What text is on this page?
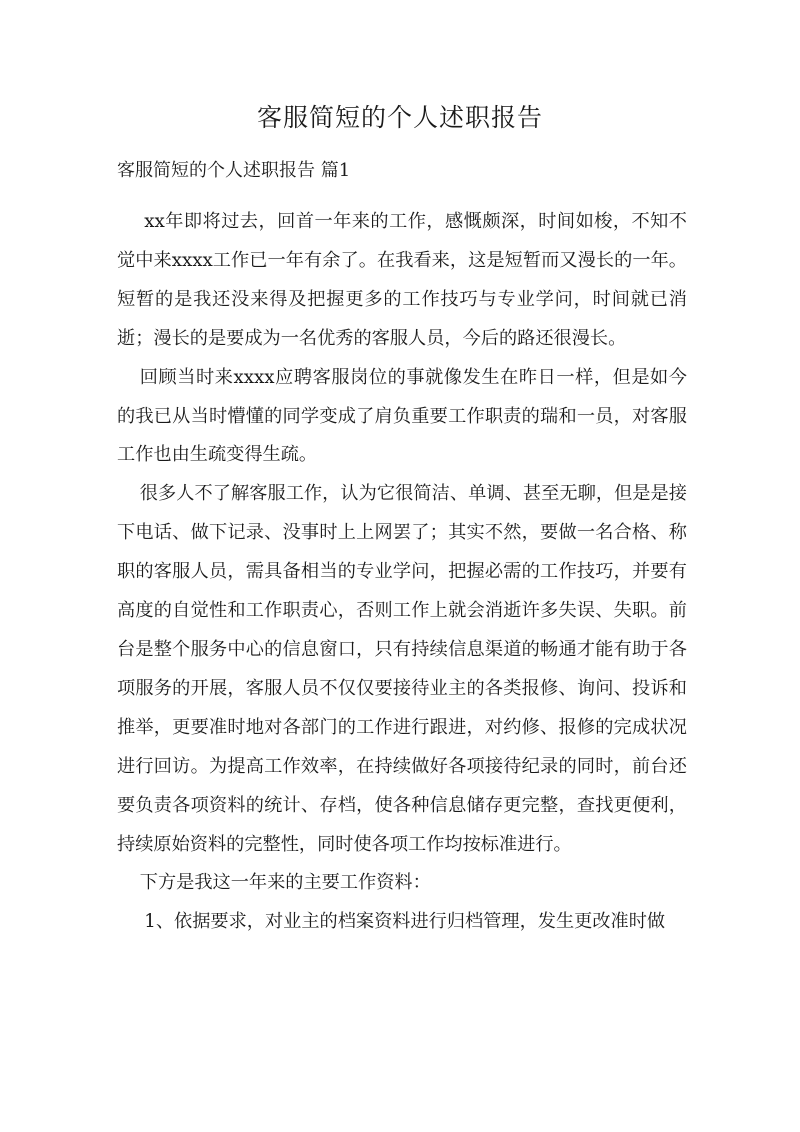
客服简短的个人述职报告

客服简短的个人述职报告 篇1

xx年即将过去，回首一年来的工作，感慨颇深，时间如梭，不知不觉中来xxxx工作已一年有余了。在我看来，这是短暂而又漫长的一年。短暂的是我还没来得及把握更多的工作技巧与专业学问，时间就已消逝；漫长的是要成为一名优秀的客服人员，今后的路还很漫长。

回顾当时来xxxx应聘客服岗位的事就像发生在昨日一样，但是如今的我已从当时懵懂的同学变成了肩负重要工作职责的瑞和一员，对客服工作也由生疏变得生疏。

很多人不了解客服工作，认为它很简洁、单调、甚至无聊，但是是接下电话、做下记录、没事时上上网罢了；其实不然，要做一名合格、称职的客服人员，需具备相当的专业学问，把握必需的工作技巧，并要有高度的自觉性和工作职责心，否则工作上就会消逝许多失误、失职。前台是整个服务中心的信息窗口，只有持续信息渠道的畅通才能有助于各项服务的开展，客服人员不仅仅要接待业主的各类报修、询问、投诉和推举，更要准时地对各部门的工作进行跟进，对约修、报修的完成状况进行回访。为提高工作效率，在持续做好各项接待纪录的同时，前台还要负责各项资料的统计、存档，使各种信息储存更完整，查找更便利，持续原始资料的完整性，同时使各项工作均按标准进行。

下方是我这一年来的主要工作资料：

1、依据要求，对业主的档案资料进行归档管理，发生更改准时做
